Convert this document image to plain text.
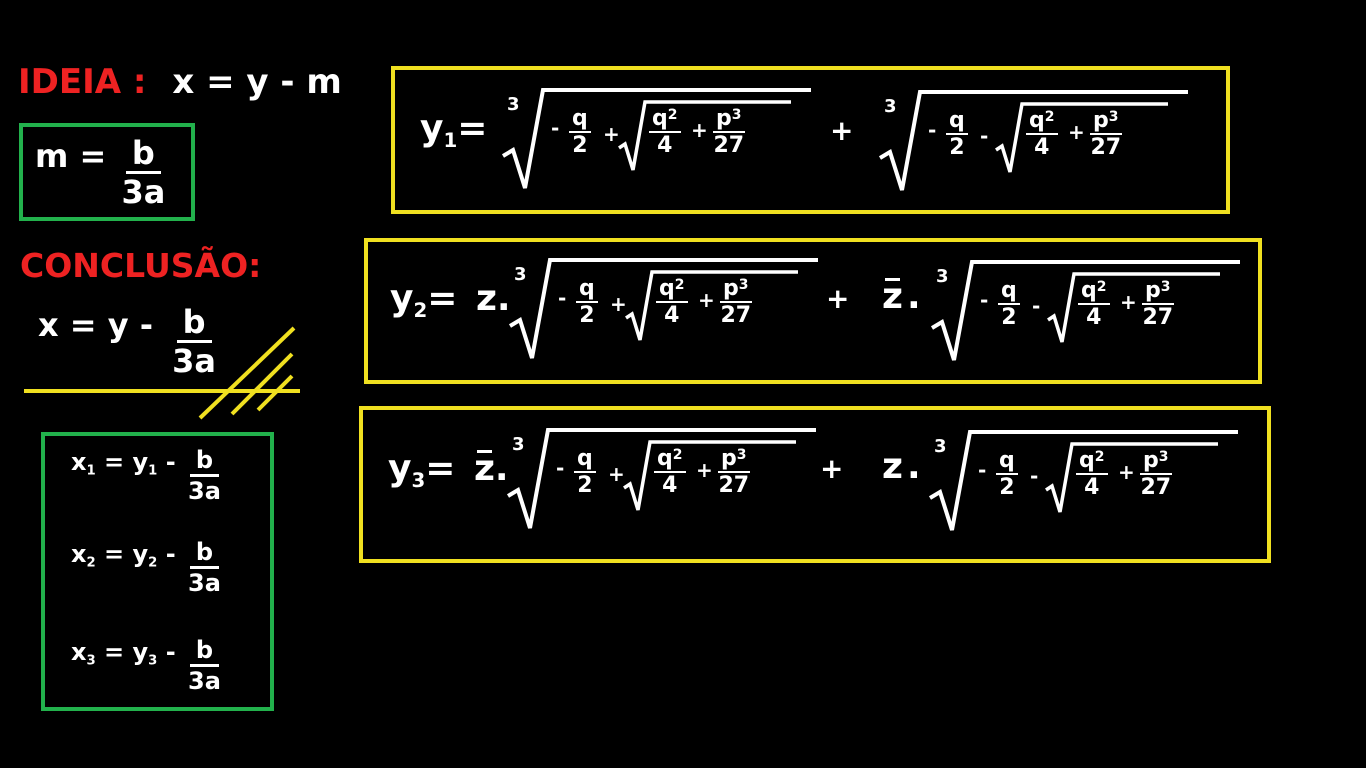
IDEIA : x = y - m
$m = \frac{b}{3a}$
CONCLUSÃO:
$x = y - \frac{b}{3a}$
$x_1 = y_1 - \frac{b}{3a}$
$x_2 = y_2 - \frac{b}{3a}$
$x_3 = y_3 - \frac{b}{3a}$
$y_1=$	+
$y_2= z$.	+ z .
$y_3= z$.	+ z .
3
- $\frac{q}{2} + \frac{q^2}{4} + \frac{p^3}{27}$
3
- $\frac{q}{2} - \frac{q^2}{4} + \frac{p^3}{27}$
3
- $\frac{q}{2} + \frac{q^2}{4} + \frac{p^3}{27}$
3
- $\frac{q}{2} - \frac{q^2}{4} + \frac{p^3}{27}$
3
- $\frac{q}{2} + \frac{q^2}{4} + \frac{p^3}{27}$
3
- $\frac{q}{2} - \frac{q^2}{4} + \frac{p^3}{27}$
